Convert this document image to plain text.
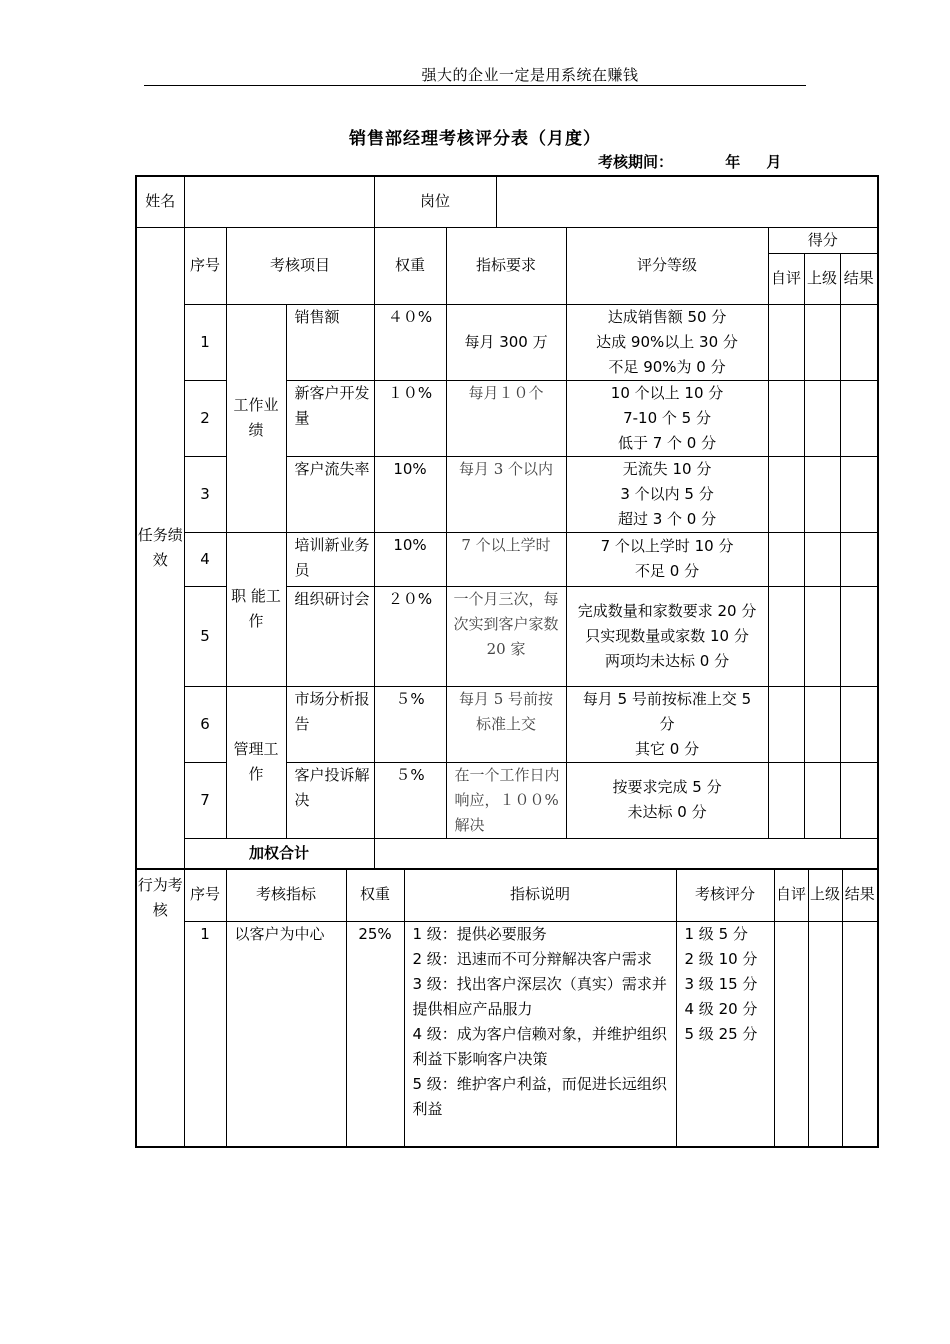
强大的企业一定是用系统在赚钱
销售部经理考核评分表（月度）
考核期间：          年     月
姓名				岗位						
任务绩效	序号	考核项目		权重	指标要求		评分等级	得分		
								自评	上级	结果
	1	工作业绩	销售额	４０%	每月 300 万		达成销售额 50 分
达成 90%以上 30 分
不足 90%为 0 分			

	2		新客户开发量	１０%	每月１０个		10 个以上 10 分
7-10 个 5 分
低于 7 个 0 分			

	3		客户流失率	10%	每月 3 个以内		无流失 10 分
3 个以内 5 分
超过 3 个 0 分			

	4	职 能工作	培训新业务员	10%	7 个以上学时		7 个以上学时 10 分
不足 0 分			

	5		组织研讨会	２０%	一个月三次，每次实到客户家数 20 家		完成数量和家数要求 20 分
只实现数量或家数 10 分
两项均未达标 0 分			

	6	管理工作	市场分析报告	５%	每月 5 号前按标准上交		每月 5 号前按标准上交 5 分
其它 0 分			

	7		客户投诉解决	５%	在一个工作日内响应，１００%解决		按要求完成 5 分
未达标 0 分			

	加权合计									
行为考核	序号	考核指标	权重	指标说明	考核评分	自评	上级	结果
	1	以客户为中心	25%	1 级：提供必要服务
2 级：迅速而不可分辩解决客户需求
3 级：找出客户深层次（真实）需求并提供相应产品服力
4 级：成为客户信赖对象，并维护组织利益下影响客户决策
5 级：维护客户利益，而促进长远组织利益	1 级 5 分
2 级 10 分
3 级 15 分
4 级 20 分
5 级 25 分			
